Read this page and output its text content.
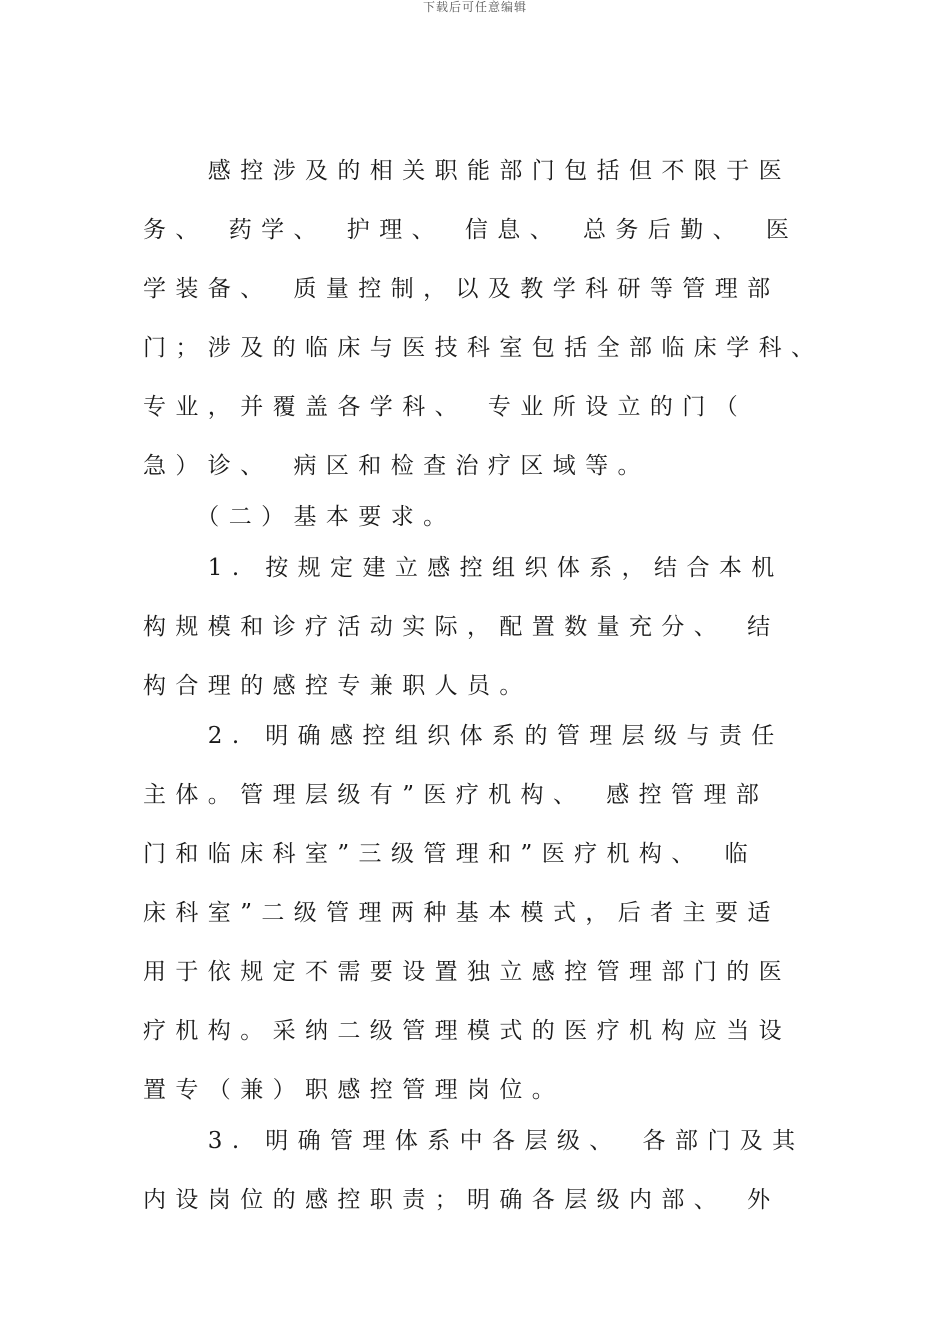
下载后可任意编辑
　　感控涉及的相关职能部门包括但不限于医
务、　药学、　护理、　信息、　总务后勤、　医
学装备、　质量控制，以及教学科研等管理部
门；涉及的临床与医技科室包括全部临床学科、
专业，并覆盖各学科、　专业所设立的门（
急）诊、　病区和检查治疗区域等。
　　（二）基本要求。
　　1. 按规定建立感控组织体系，结合本机
构规模和诊疗活动实际，配置数量充分、　结
构合理的感控专兼职人员。
　　2. 明确感控组织体系的管理层级与责任
主体。管理层级有”医疗机构、　感控管理部
门和临床科室”三级管理和”医疗机构、　临
床科室”二级管理两种基本模式，后者主要适
用于依规定不需要设置独立感控管理部门的医
疗机构。采纳二级管理模式的医疗机构应当设
置专（兼）职感控管理岗位。
　　3. 明确管理体系中各层级、　各部门及其
内设岗位的感控职责；明确各层级内部、　外
